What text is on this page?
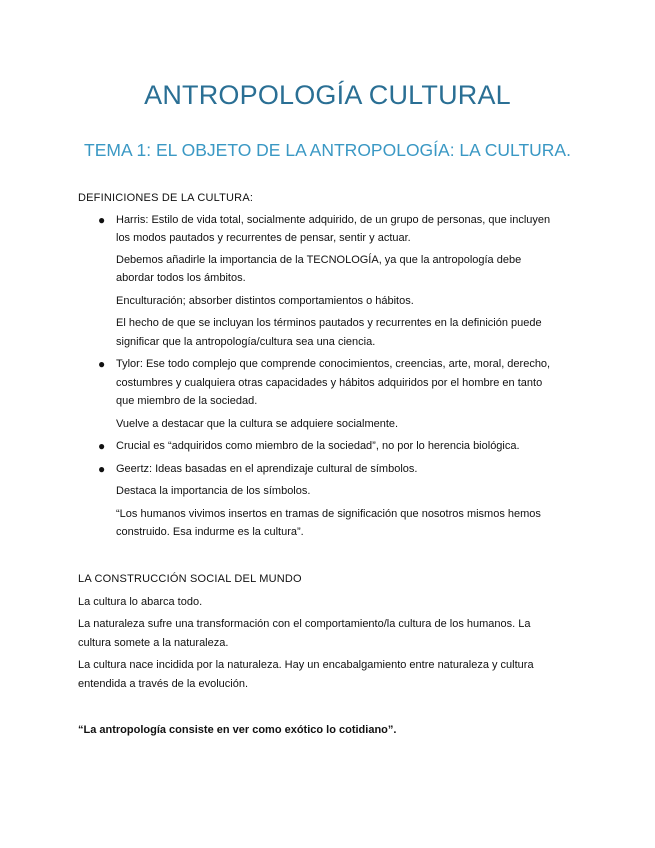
ANTROPOLOGÍA CULTURAL
TEMA 1: EL OBJETO DE LA ANTROPOLOGÍA: LA CULTURA.

DEFINICIONES DE LA CULTURA:

● Harris: Estilo de vida total, socialmente adquirido, de un grupo de personas, que incluyen

los modos pautados y recurrentes de pensar, sentir y actuar.

Debemos añadirle la importancia de la TECNOLOGÍA, ya que la antropología debe

abordar todos los ámbitos.

Enculturación; absorber distintos comportamientos o hábitos.

El hecho de que se incluyan los términos pautados y recurrentes en la definición puede

significar que la antropología/cultura sea una ciencia.

● Tylor: Ese todo complejo que comprende conocimientos, creencias, arte, moral, derecho,

costumbres y cualquiera otras capacidades y hábitos adquiridos por el hombre en tanto

que miembro de la sociedad.

Vuelve a destacar que la cultura se adquiere socialmente.

● Crucial es “adquiridos como miembro de la sociedad”, no por lo herencia biológica.

● Geertz: Ideas basadas en el aprendizaje cultural de símbolos.

Destaca la importancia de los símbolos.

“Los humanos vivimos insertos en tramas de significación que nosotros mismos hemos

construido. Esa indurme es la cultura”.

LA CONSTRUCCIÓN SOCIAL DEL MUNDO

La cultura lo abarca todo.

La naturaleza sufre una transformación con el comportamiento/la cultura de los humanos. La

cultura somete a la naturaleza.

La cultura nace incidida por la naturaleza. Hay un encabalgamiento entre naturaleza y cultura

entendida a través de la evolución.

“La antropología consiste en ver como exótico lo cotidiano”.
